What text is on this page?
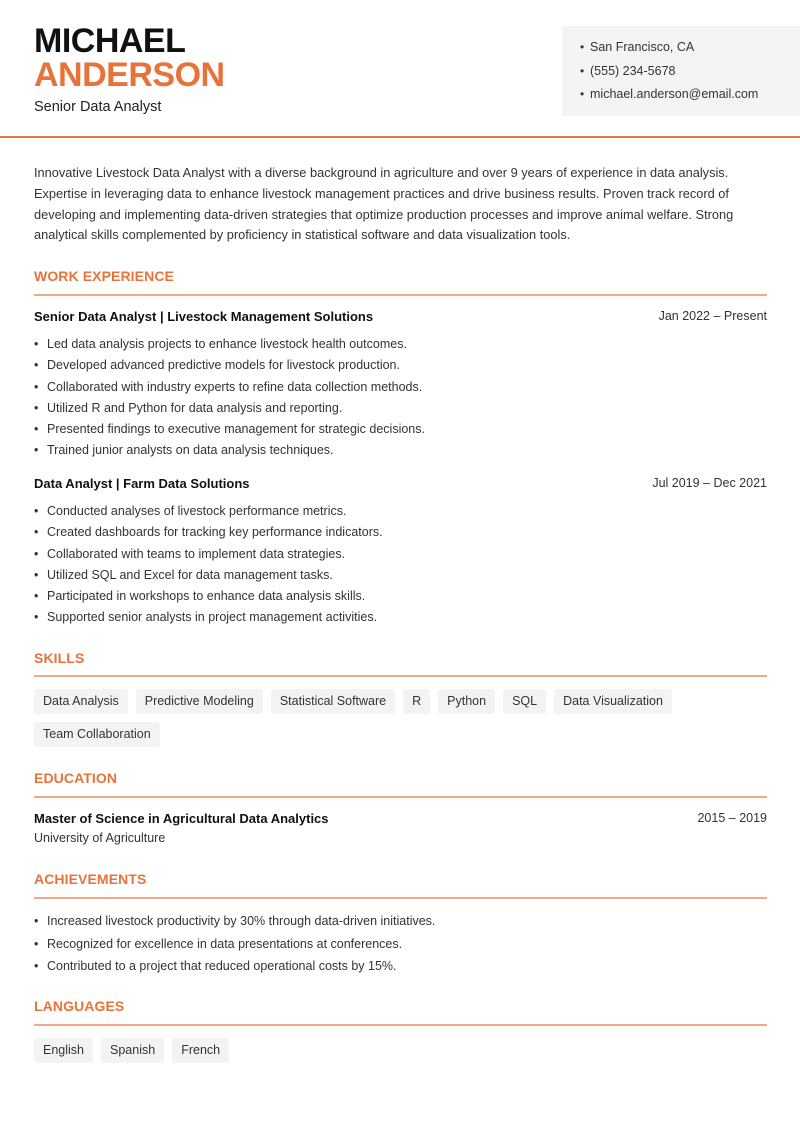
MICHAEL
ANDERSON
Senior Data Analyst
• San Francisco, CA
• (555) 234-5678
• michael.anderson@email.com

Innovative Livestock Data Analyst with a diverse background in agriculture and over 9 years of experience in data analysis. Expertise in leveraging data to enhance livestock management practices and drive business results. Proven track record of developing and implementing data-driven strategies that optimize production processes and improve animal welfare. Strong analytical skills complemented by proficiency in statistical software and data visualization tools.

WORK EXPERIENCE
Senior Data Analyst | Livestock Management Solutions	Jan 2022 – Present
• Led data analysis projects to enhance livestock health outcomes.
• Developed advanced predictive models for livestock production.
• Collaborated with industry experts to refine data collection methods.
• Utilized R and Python for data analysis and reporting.
• Presented findings to executive management for strategic decisions.
• Trained junior analysts on data analysis techniques.
Data Analyst | Farm Data Solutions	Jul 2019 – Dec 2021
• Conducted analyses of livestock performance metrics.
• Created dashboards for tracking key performance indicators.
• Collaborated with teams to implement data strategies.
• Utilized SQL and Excel for data management tasks.
• Participated in workshops to enhance data analysis skills.
• Supported senior analysts in project management activities.
SKILLS
Data Analysis	Predictive Modeling	Statistical Software	R	Python	SQL	Data Visualization
Team Collaboration
EDUCATION
Master of Science in Agricultural Data Analytics	2015 – 2019
University of Agriculture
ACHIEVEMENTS
• Increased livestock productivity by 30% through data-driven initiatives.
• Recognized for excellence in data presentations at conferences.
• Contributed to a project that reduced operational costs by 15%.
LANGUAGES
English	Spanish	French
